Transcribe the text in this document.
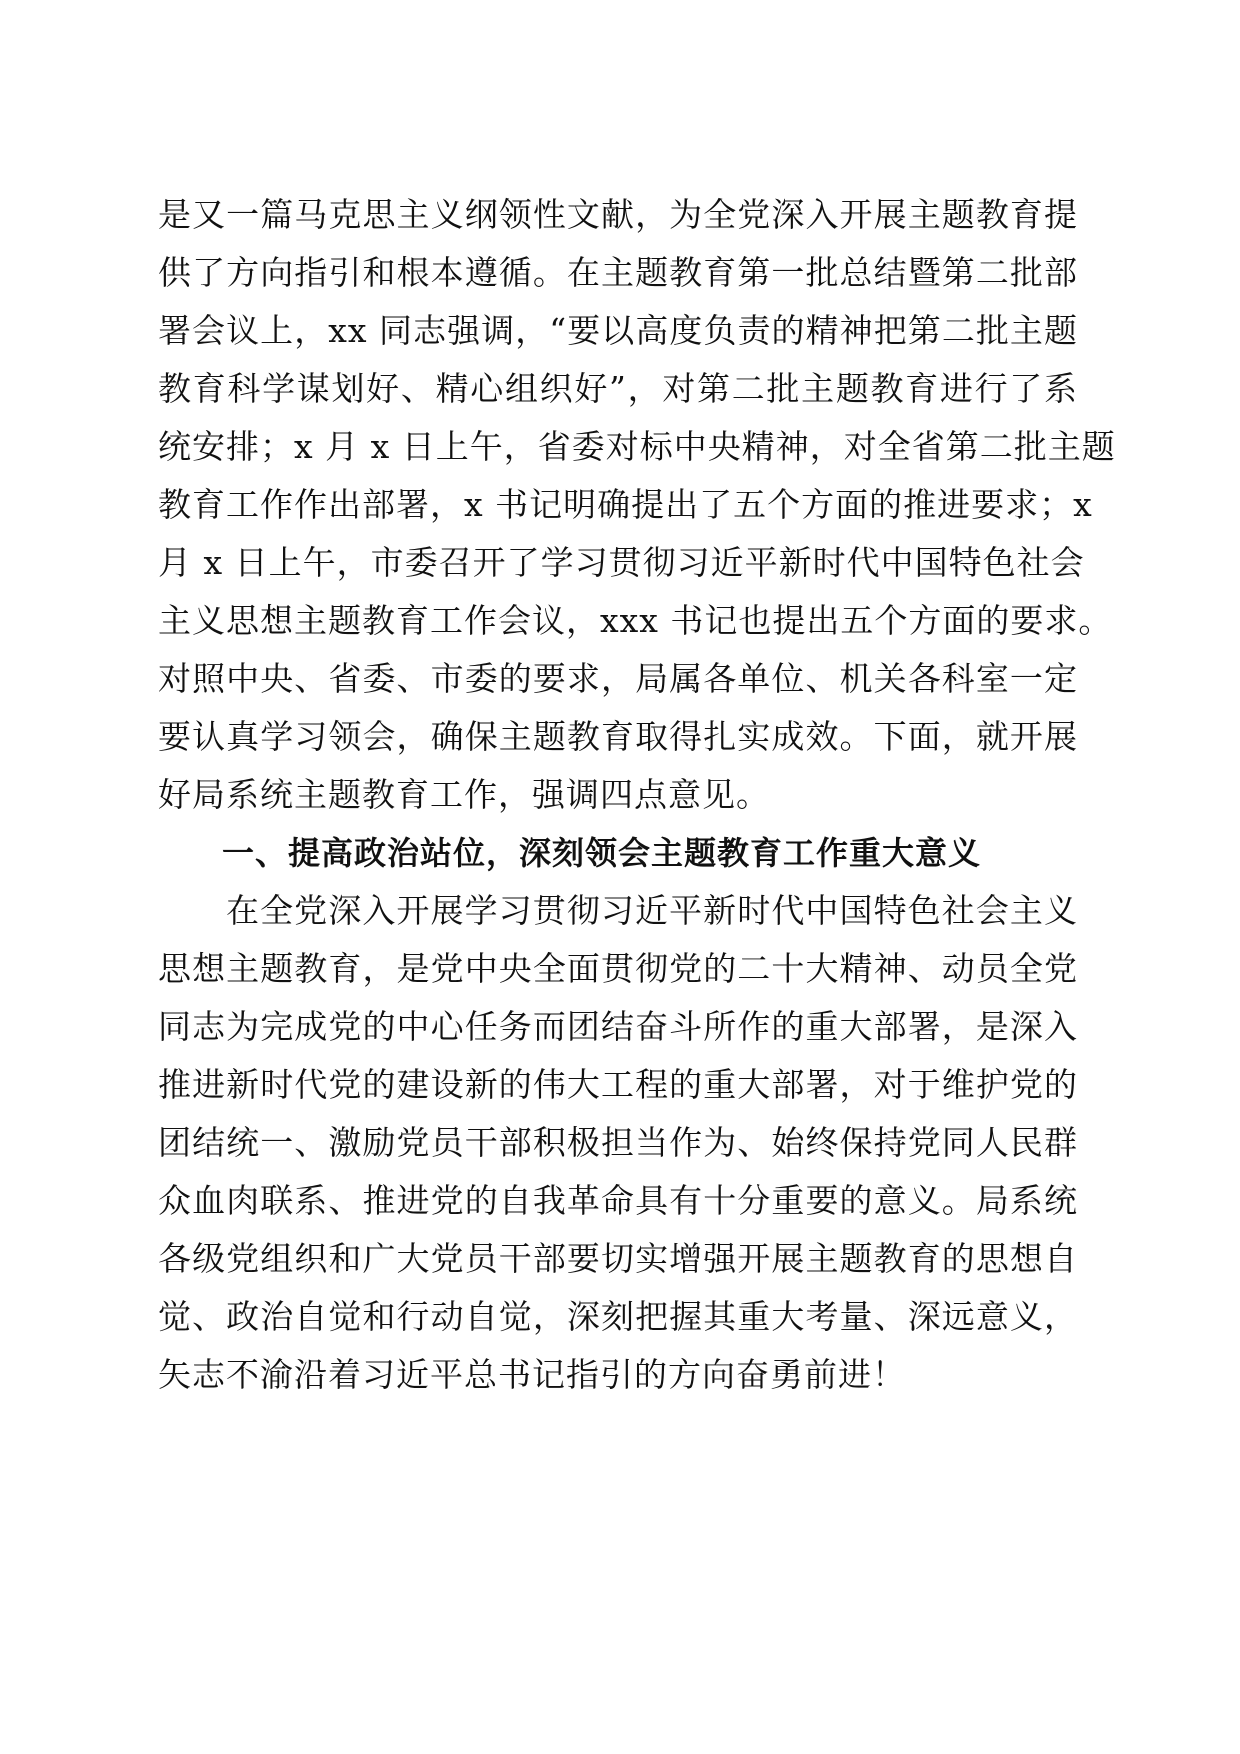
是又一篇马克思主义纲领性文献，为全党深入开展主题教育提
供了方向指引和根本遵循。在主题教育第一批总结暨第二批部
署会议上，xx 同志强调，“要以高度负责的精神把第二批主题
教育科学谋划好、精心组织好”，对第二批主题教育进行了系
统安排；x 月 x 日上午，省委对标中央精神，对全省第二批主题
教育工作作出部署，x 书记明确提出了五个方面的推进要求；x
月 x 日上午，市委召开了学习贯彻习近平新时代中国特色社会
主义思想主题教育工作会议，xxx 书记也提出五个方面的要求。
对照中央、省委、市委的要求，局属各单位、机关各科室一定
要认真学习领会，确保主题教育取得扎实成效。下面，就开展
好局系统主题教育工作，强调四点意见。
一、提高政治站位，深刻领会主题教育工作重大意义
在全党深入开展学习贯彻习近平新时代中国特色社会主义
思想主题教育，是党中央全面贯彻党的二十大精神、动员全党
同志为完成党的中心任务而团结奋斗所作的重大部署，是深入
推进新时代党的建设新的伟大工程的重大部署，对于维护党的
团结统一、激励党员干部积极担当作为、始终保持党同人民群
众血肉联系、推进党的自我革命具有十分重要的意义。局系统
各级党组织和广大党员干部要切实增强开展主题教育的思想自
觉、政治自觉和行动自觉，深刻把握其重大考量、深远意义，
矢志不渝沿着习近平总书记指引的方向奋勇前进！
